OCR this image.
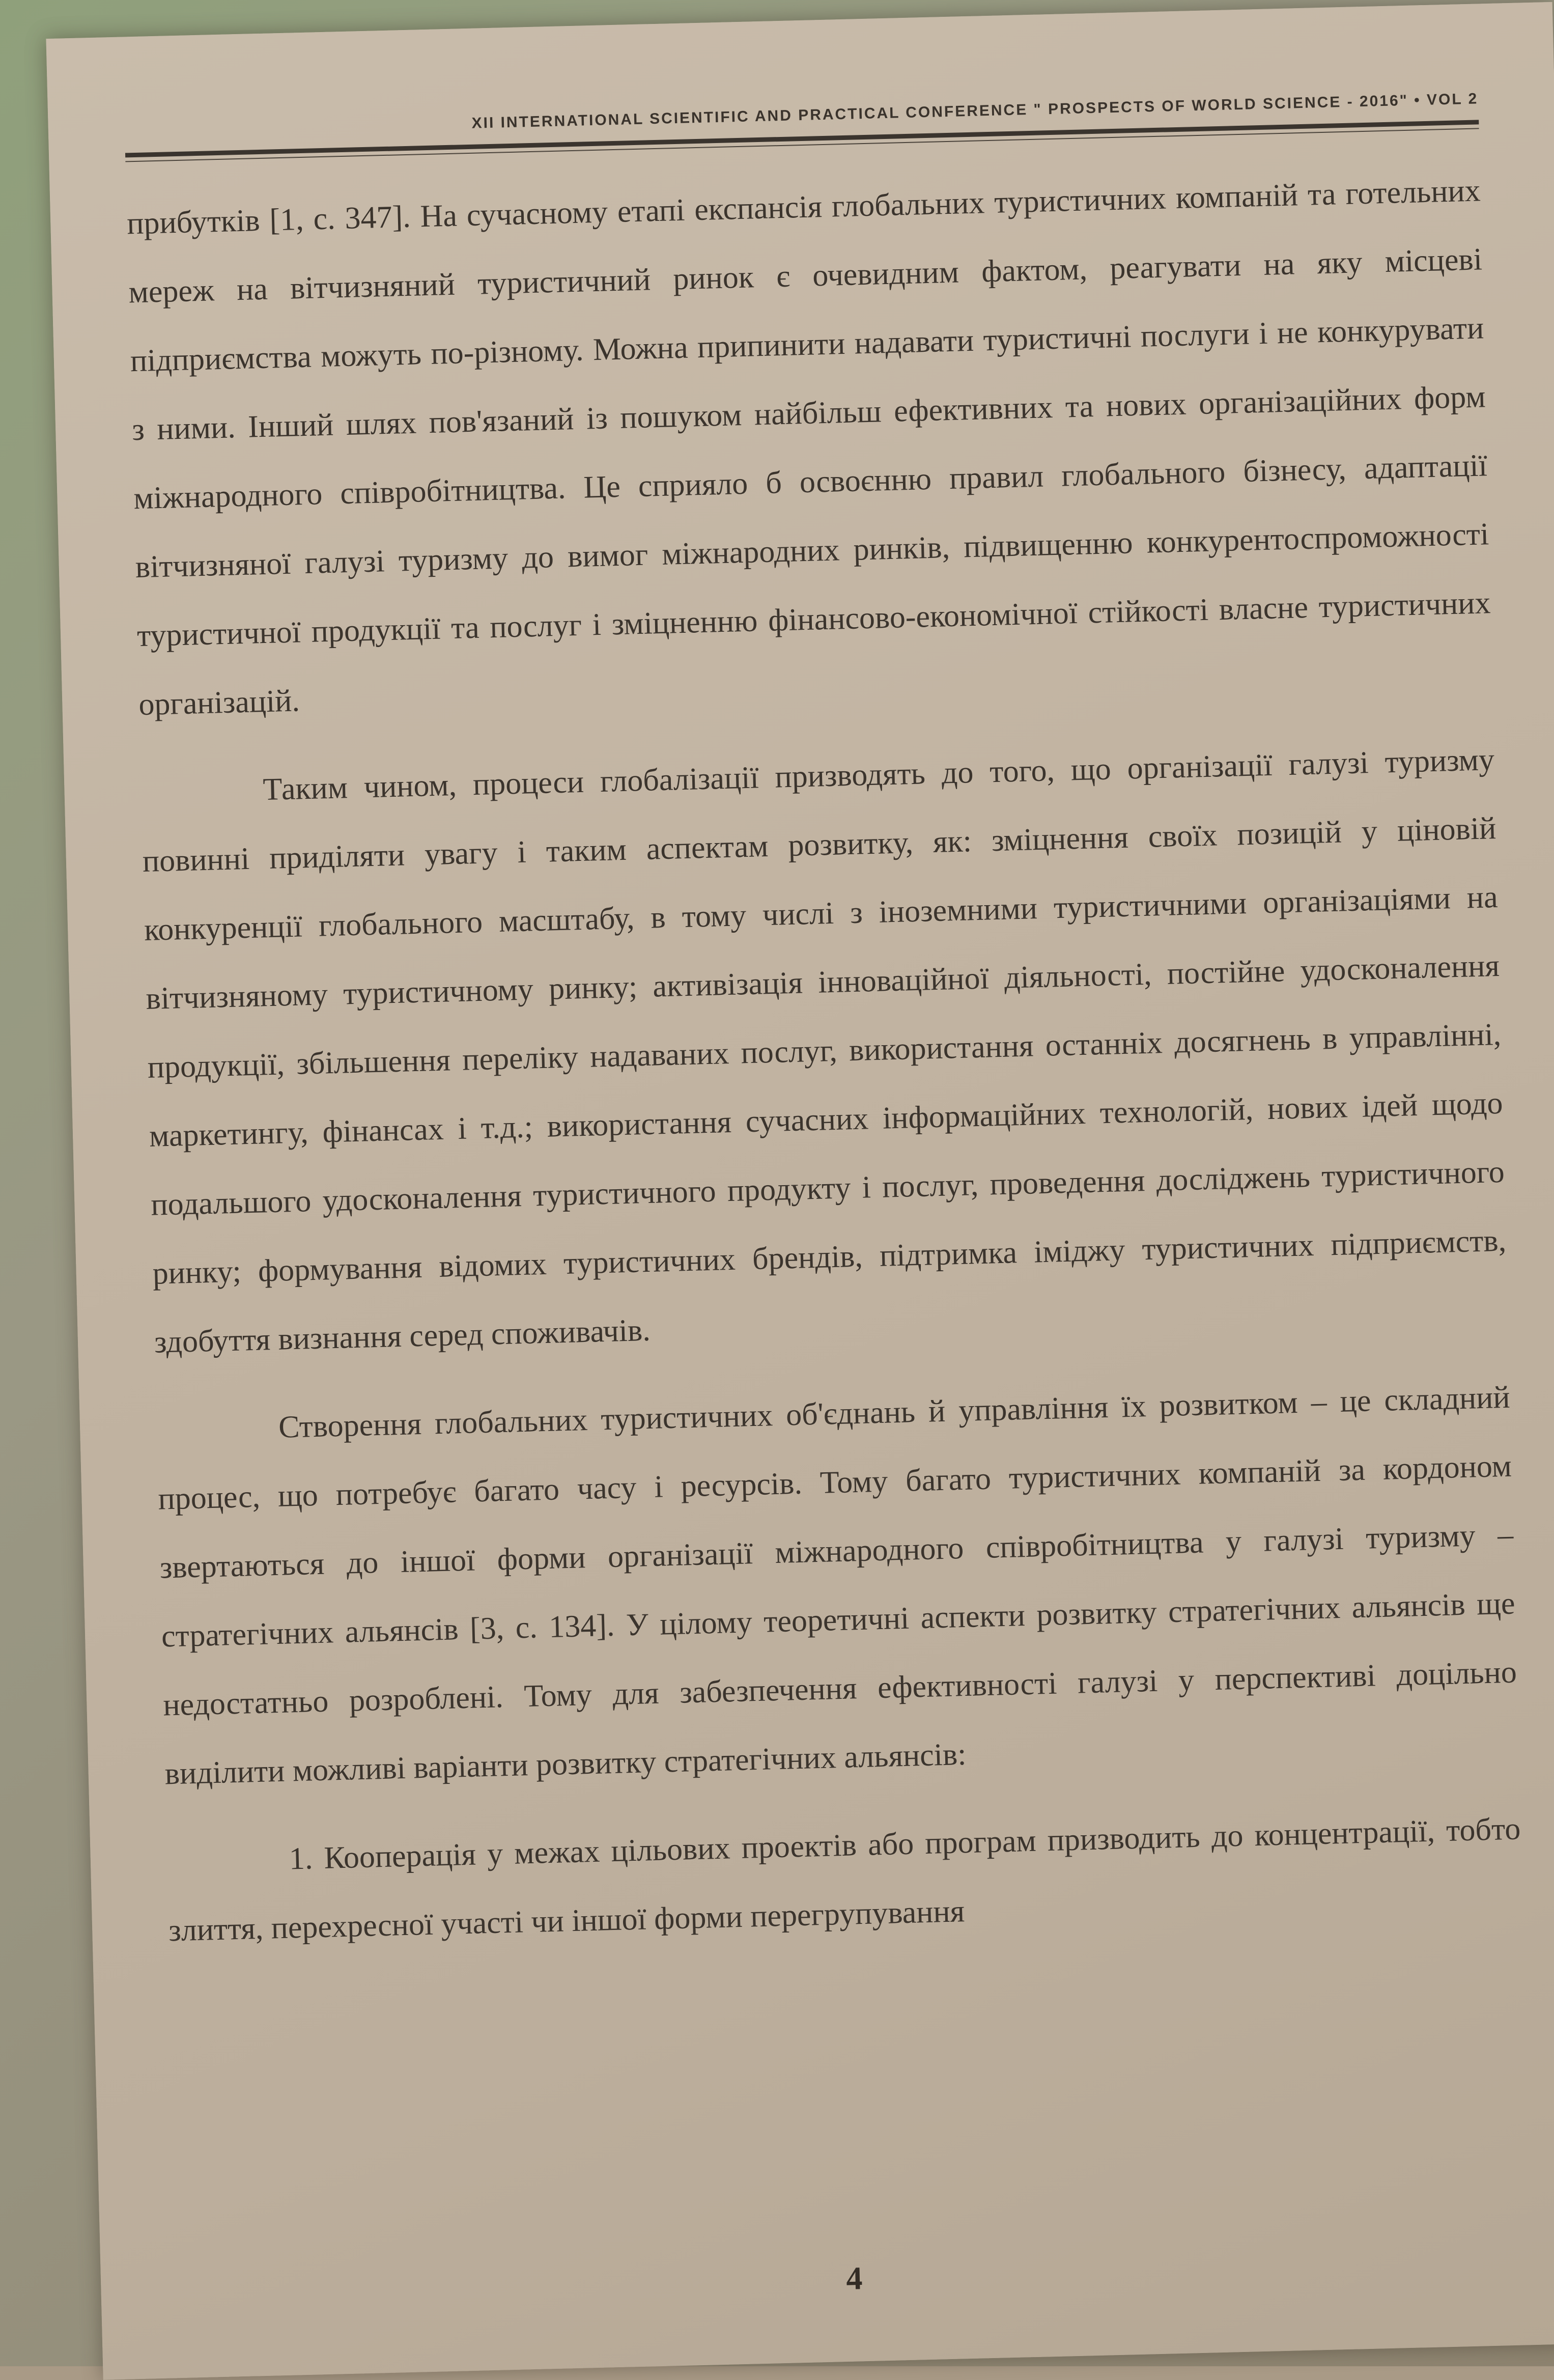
XII INTERNATIONAL SCIENTIFIC AND PRACTICAL CONFERENCE " PROSPECTS OF WORLD SCIENCE - 2016" • VOL 2

прибутків [1, с. 347]. На сучасному етапі експансія глобальних туристичних компаній та готельних мереж на вітчизняний туристичний ринок є очевидним фактом, реагувати на яку місцеві підприємства можуть по-різному. Можна припинити надавати туристичні послуги і не конкурувати з ними. Інший шлях пов'язаний із пошуком найбільш ефективних та нових організаційних форм міжнародного співробітництва. Це сприяло б освоєнню правил глобального бізнесу, адаптації вітчизняної галузі туризму до вимог міжнародних ринків, підвищенню конкурентоспроможності туристичної продукції та послуг і зміцненню фінансово-економічної стійкості власне туристичних організацій.

Таким чином, процеси глобалізації призводять до того, що організації галузі туризму повинні приділяти увагу і таким аспектам розвитку, як: зміцнення своїх позицій у ціновій конкуренції глобального масштабу, в тому числі з іноземними туристичними організаціями на вітчизняному туристичному ринку; активізація інноваційної діяльності, постійне удосконалення продукції, збільшення переліку надаваних послуг, використання останніх досягнень в управлінні, маркетингу, фінансах і т.д.; використання сучасних інформаційних технологій, нових ідей щодо подальшого удосконалення туристичного продукту і послуг, проведення досліджень туристичного ринку; формування відомих туристичних брендів, підтримка іміджу туристичних підприємств, здобуття визнання серед споживачів.

Створення глобальних туристичних об'єднань й управління їх розвитком – це складний процес, що потребує багато часу і ресурсів. Тому багато туристичних компаній за кордоном звертаються до іншої форми організації міжнародного співробітництва у галузі туризму – стратегічних альянсів [3, с. 134]. У цілому теоретичні аспекти розвитку стратегічних альянсів ще недостатньо розроблені. Тому для забезпечення ефективності галузі у перспективі доцільно виділити можливі варіанти розвитку стратегічних альянсів:

1. Кооперація у межах цільових проектів або програм призводить до концентрації, тобто злиття, перехресної участі чи іншої форми перегрупування

4
